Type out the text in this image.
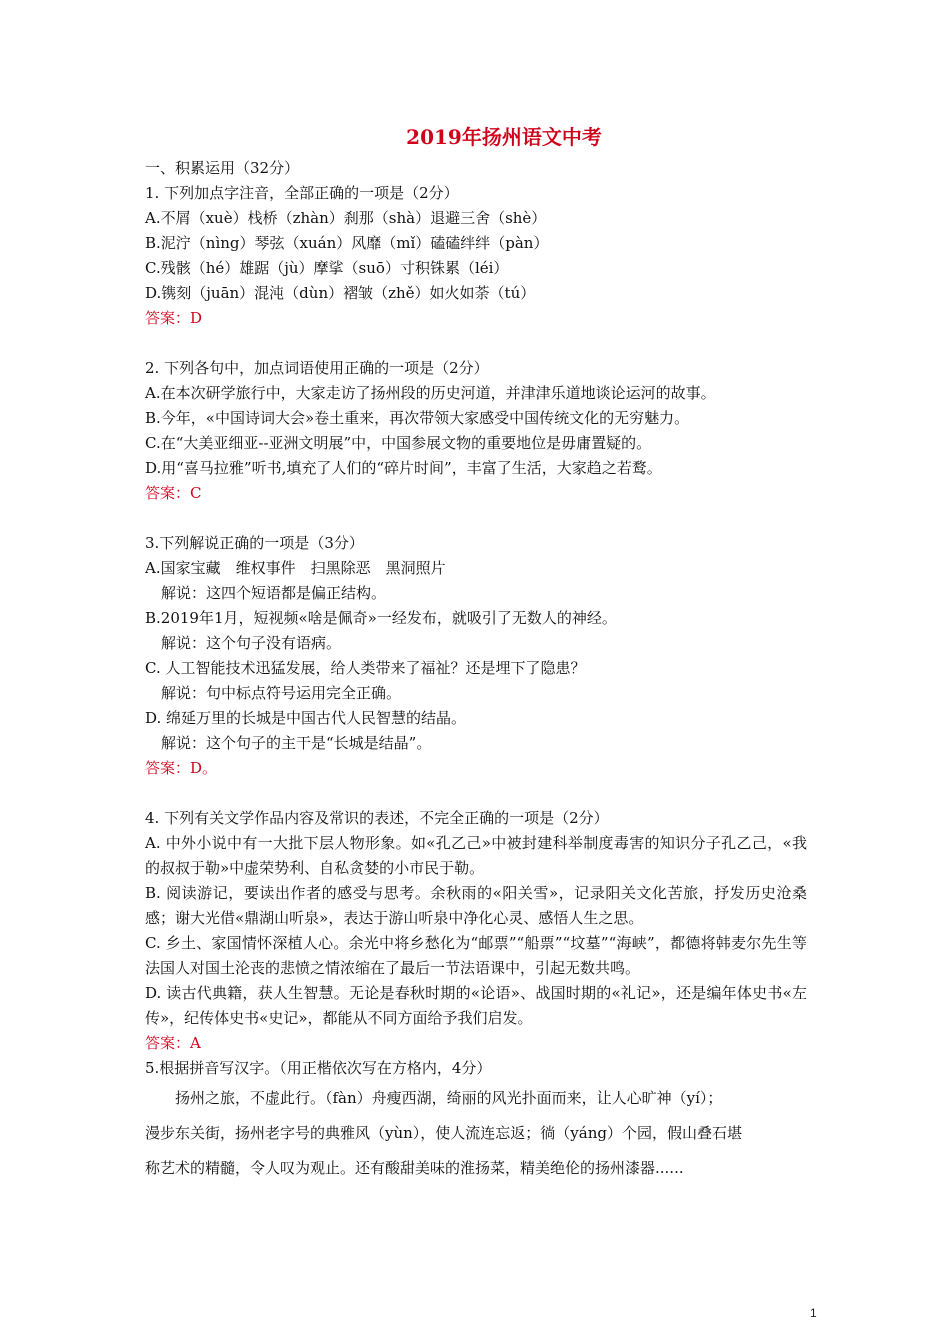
2019年扬州语文中考

一、积累运用（32分）

1. 下列加点字注音，全部正确的一项是（2分）

A.不屑（xuè）栈桥（zhàn）刹那（shà）退避三舍（shè）

B.泥泞（nìng）琴弦（xuán）风靡（mǐ）磕磕绊绊（pàn）

C.残骸（hé）雄踞（jù）摩挲（suō）寸积铢累（léi）

D.镌刻（juān）混沌（dùn）褶皱（zhě）如火如荼（tú）

答案：D

2. 下列各句中，加点词语使用正确的一项是（2分）

A.在本次研学旅行中，大家走访了扬州段的历史河道，并津津乐道地谈论运河的故事。

B.今年，«中国诗词大会»卷土重来，再次带领大家感受中国传统文化的无穷魅力。

C.在“大美亚细亚--亚洲文明展”中，中国参展文物的重要地位是毋庸置疑的。

D.用“喜马拉雅”听书,填充了人们的“碎片时间”，丰富了生活，大家趋之若鹜。

答案：C

3.下列解说正确的一项是（3分）

A.国家宝藏　维权事件　扫黑除恶　黑洞照片

解说：这四个短语都是偏正结构。

B.2019年1月，短视频«啥是佩奇»一经发布，就吸引了无数人的神经。

解说：这个句子没有语病。

C. 人工智能技术迅猛发展，给人类带来了福祉？还是埋下了隐患？

解说：句中标点符号运用完全正确。

D. 绵延万里的长城是中国古代人民智慧的结晶。

解说：这个句子的主干是“长城是结晶”。

答案：D。

4. 下列有关文学作品内容及常识的表述，不完全正确的一项是（2分）

A. 中外小说中有一大批下层人物形象。如«孔乙己»中被封建科举制度毒害的知识分子孔乙己，«我的叔叔于勒»中虚荣势利、自私贪婪的小市民于勒。

B. 阅读游记，要读出作者的感受与思考。余秋雨的«阳关雪»，记录阳关文化苦旅，抒发历史沧桑感；谢大光借«鼎湖山听泉»，表达于游山听泉中净化心灵、感悟人生之思。

C. 乡土、家国情怀深植人心。余光中将乡愁化为“邮票”“船票”“坟墓”“海峡”，都德将韩麦尔先生等法国人对国土沦丧的悲愤之情浓缩在了最后一节法语课中，引起无数共鸣。

D. 读古代典籍，获人生智慧。无论是春秋时期的«论语»、战国时期的«礼记»，还是编年体史书«左传»，纪传体史书«史记»，都能从不同方面给予我们启发。

答案：A

5.根据拼音写汉字。（用正楷依次写在方格内，4分）

扬州之旅，不虚此行。（fàn）舟瘦西湖，绮丽的风光扑面而来，让人心旷神（yí）；

漫步东关街，扬州老字号的典雅风（yùn），使人流连忘返；徜（yáng）个园，假山叠石堪

称艺术的精髓，令人叹为观止。还有酸甜美味的淮扬菜，精美绝伦的扬州漆器......

1
